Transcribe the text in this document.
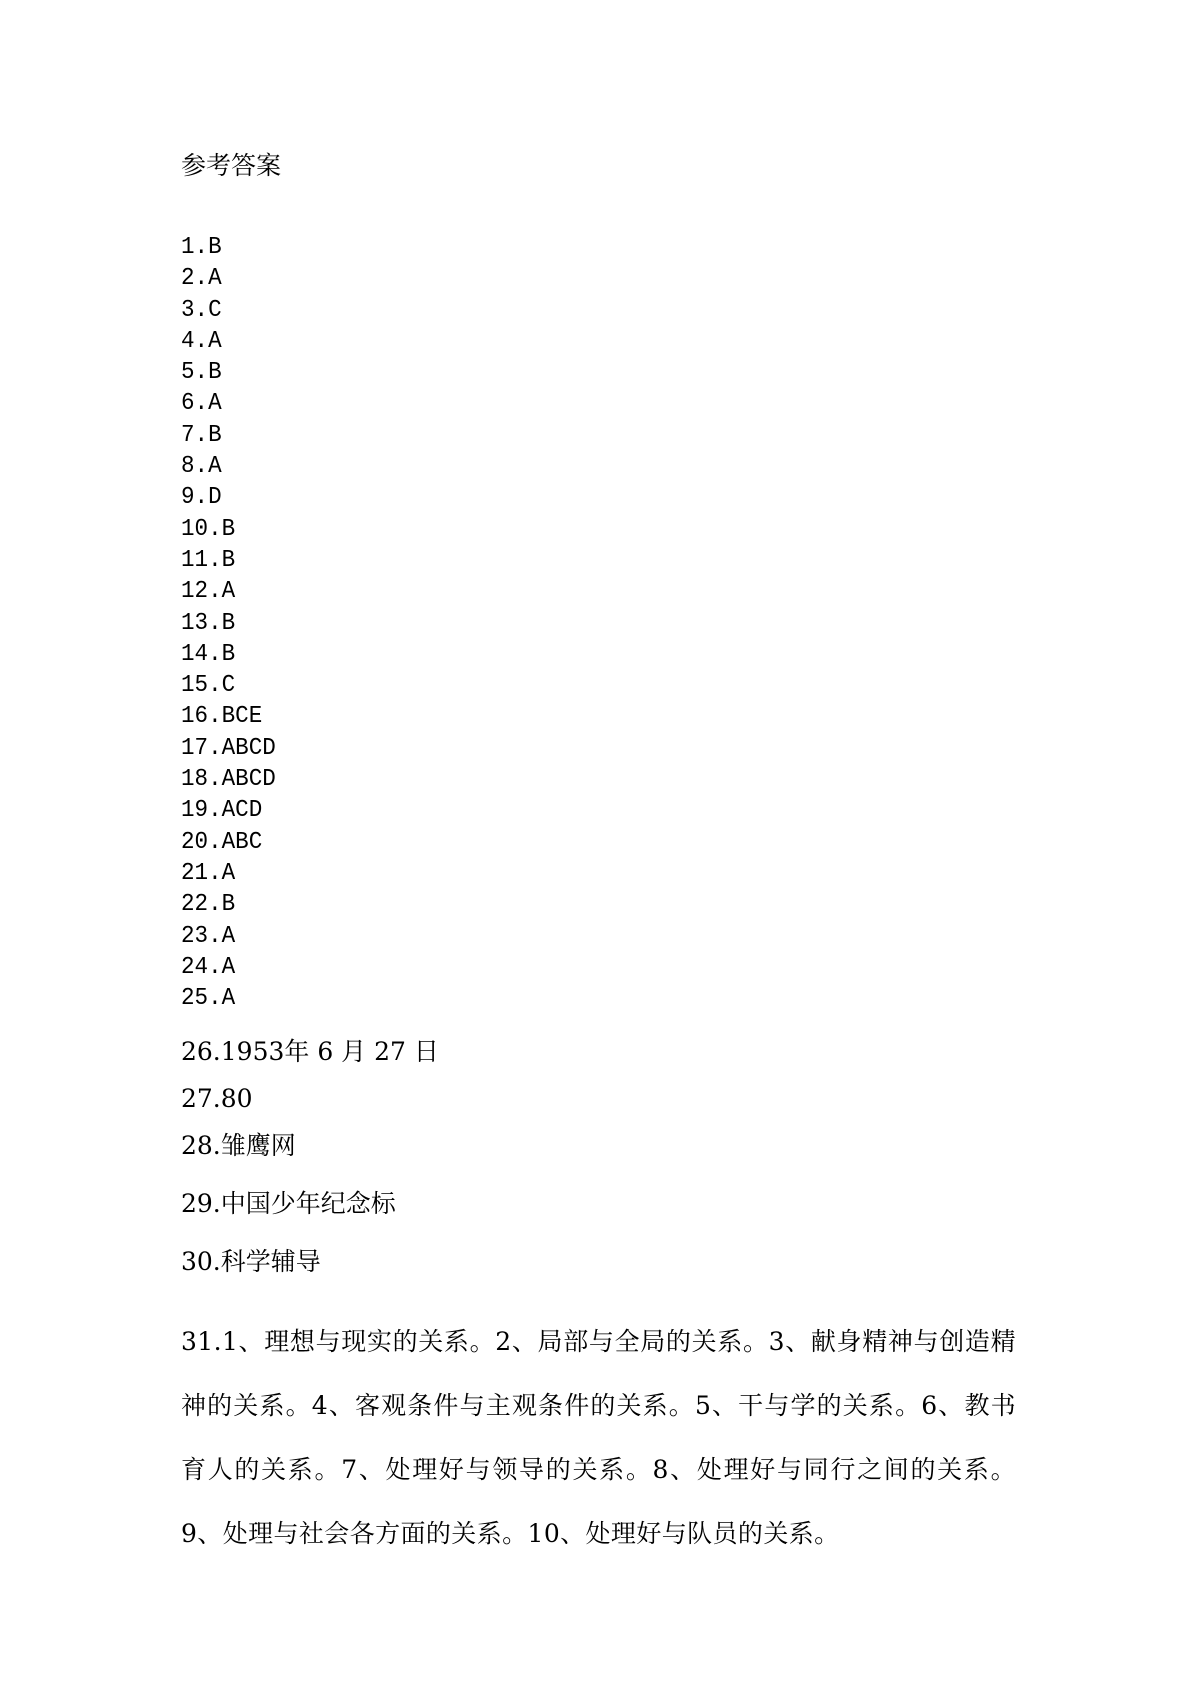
参考答案
1.B
2.A
3.C
4.A
5.B
6.A
7.B
8.A
9.D
10.B
11.B
12.A
13.B
14.B
15.C
16.BCE
17.ABCD
18.ABCD
19.ACD
20.ABC
21.A
22.B
23.A
24.A
25.A
26.1953年 6 月 27 日
27.80
28.雏鹰网
29.中国少年纪念标
30.科学辅导

31.1、理想与现实的关系。2、局部与全局的关系。3、献身精神与创造精神的关系。4、客观条件与主观条件的关系。5、干与学的关系。6、教书育人的关系。7、处理好与领导的关系。8、处理好与同行之间的关系。9、处理与社会各方面的关系。10、处理好与队员的关系。
